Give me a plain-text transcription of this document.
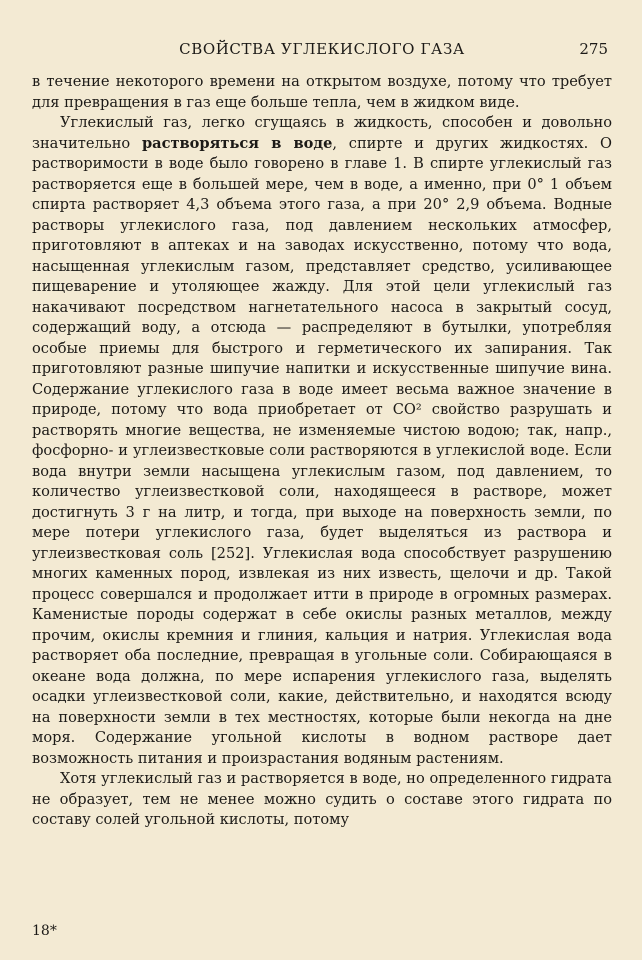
СВОЙСТВА УГЛЕКИСЛОГО ГАЗА	275

в течение некоторого времени на открытом воздухе, потому что требует для превращения в газ еще больше тепла, чем в жидком виде.

Углекислый газ, легко сгущаясь в жидкость, способен и довольно значительно растворяться в воде, спирте и других жидкостях. О растворимости в воде было говорено в главе 1. В спирте углекислый газ растворяется еще в большей мере, чем в воде, а именно, при 0° 1 объем спирта растворяет 4,3 объема этого газа, а при 20° 2,9 объема. Водные растворы углекислого газа, под давлением нескольких атмосфер, приготовляют в аптеках и на заводах искусственно, потому что вода, насыщенная углекислым газом, представляет средство, усиливающее пищеварение и утоляющее жажду. Для этой цели углекислый газ накачивают посредством нагнетательного насоса в закрытый сосуд, содержащий воду, а отсюда — распределяют в бутылки, употребляя особые приемы для быстрого и герметического их запирания. Так приготовляют разные шипучие напитки и искусственные шипучие вина. Содержание углекислого газа в воде имеет весьма важное значение в природе, потому что вода приобретает от CO² свойство разрушать и растворять многие вещества, не изменяемые чистою водою; так, напр., фосфорно- и углеизвестковые соли растворяются в углекислой воде. Если вода внутри земли насыщена углекислым газом, под давлением, то количество углеизвестковой соли, находящееся в растворе, может достигнуть 3 г на литр, и тогда, при выходе на поверхность земли, по мере потери углекислого газа, будет выделяться из раствора и углеизвестковая соль [252]. Углекислая вода способствует разрушению многих каменных пород, извлекая из них известь, щелочи и др. Такой процесс совершался и продолжает итти в природе в огромных размерах. Каменистые породы содержат в себе окислы разных металлов, между прочим, окислы кремния и глиния, кальция и натрия. Углекислая вода растворяет оба последние, превращая в угольные соли. Собирающаяся в океане вода должна, по мере испарения углекислого газа, выделять осадки углеизвестковой соли, какие, действительно, и находятся всюду на поверхности земли в тех местностях, которые были некогда на дне моря. Содержание угольной кислоты в водном растворе дает возможность питания и произрастания водяным растениям.

Хотя углекислый газ и растворяется в воде, но определенного гидрата не образует, тем не менее можно судить о составе этого гидрата по составу солей угольной кислоты, потому

18*
